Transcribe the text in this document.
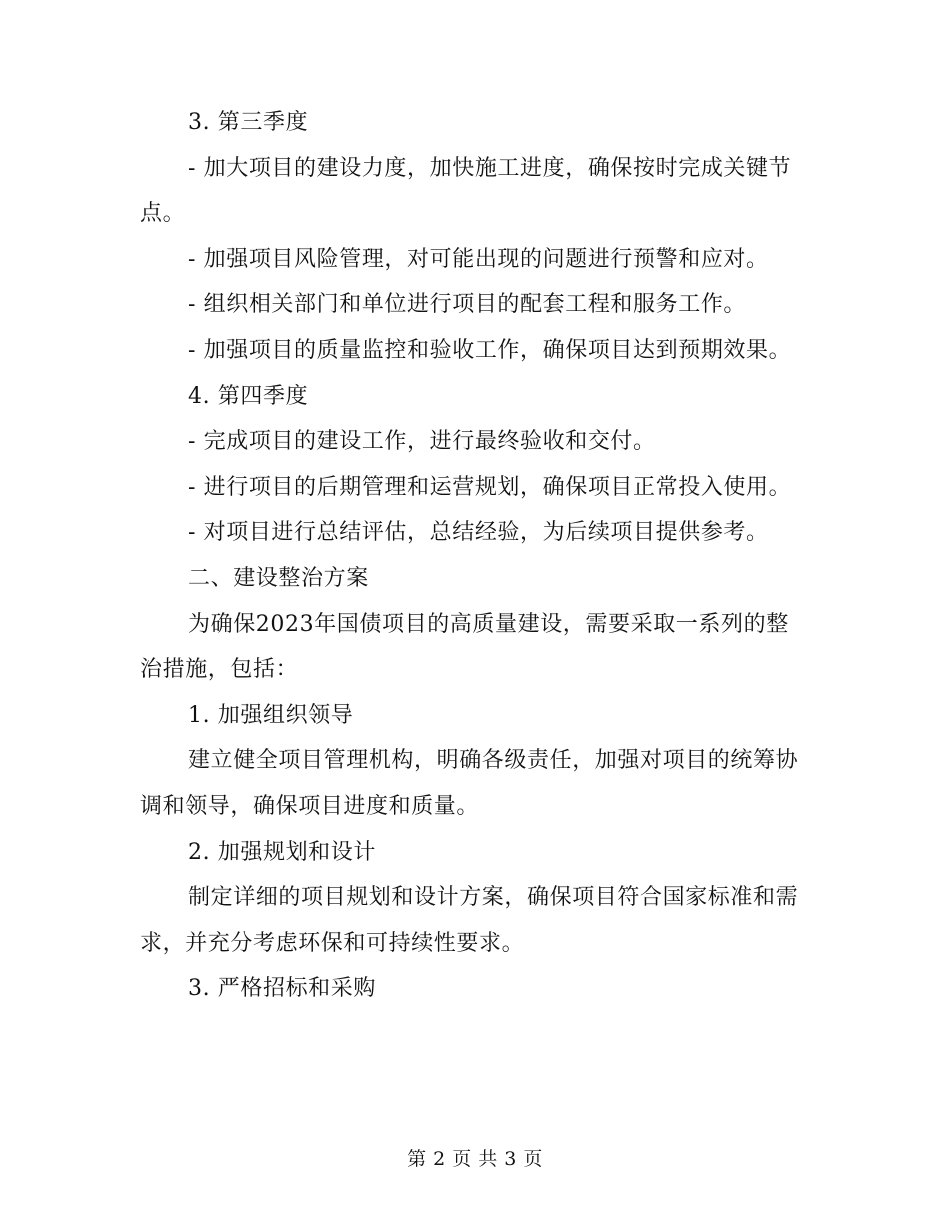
3. 第三季度

- 加大项目的建设力度，加快施工进度，确保按时完成关键节点。

- 加强项目风险管理，对可能出现的问题进行预警和应对。

- 组织相关部门和单位进行项目的配套工程和服务工作。

- 加强项目的质量监控和验收工作，确保项目达到预期效果。

4. 第四季度

- 完成项目的建设工作，进行最终验收和交付。

- 进行项目的后期管理和运营规划，确保项目正常投入使用。

- 对项目进行总结评估，总结经验，为后续项目提供参考。

二、建设整治方案

为确保2023年国债项目的高质量建设，需要采取一系列的整治措施，包括：

1. 加强组织领导

建立健全项目管理机构，明确各级责任，加强对项目的统筹协调和领导，确保项目进度和质量。

2. 加强规划和设计

制定详细的项目规划和设计方案，确保项目符合国家标准和需求，并充分考虑环保和可持续性要求。

3. 严格招标和采购

第 2 页 共 3 页
